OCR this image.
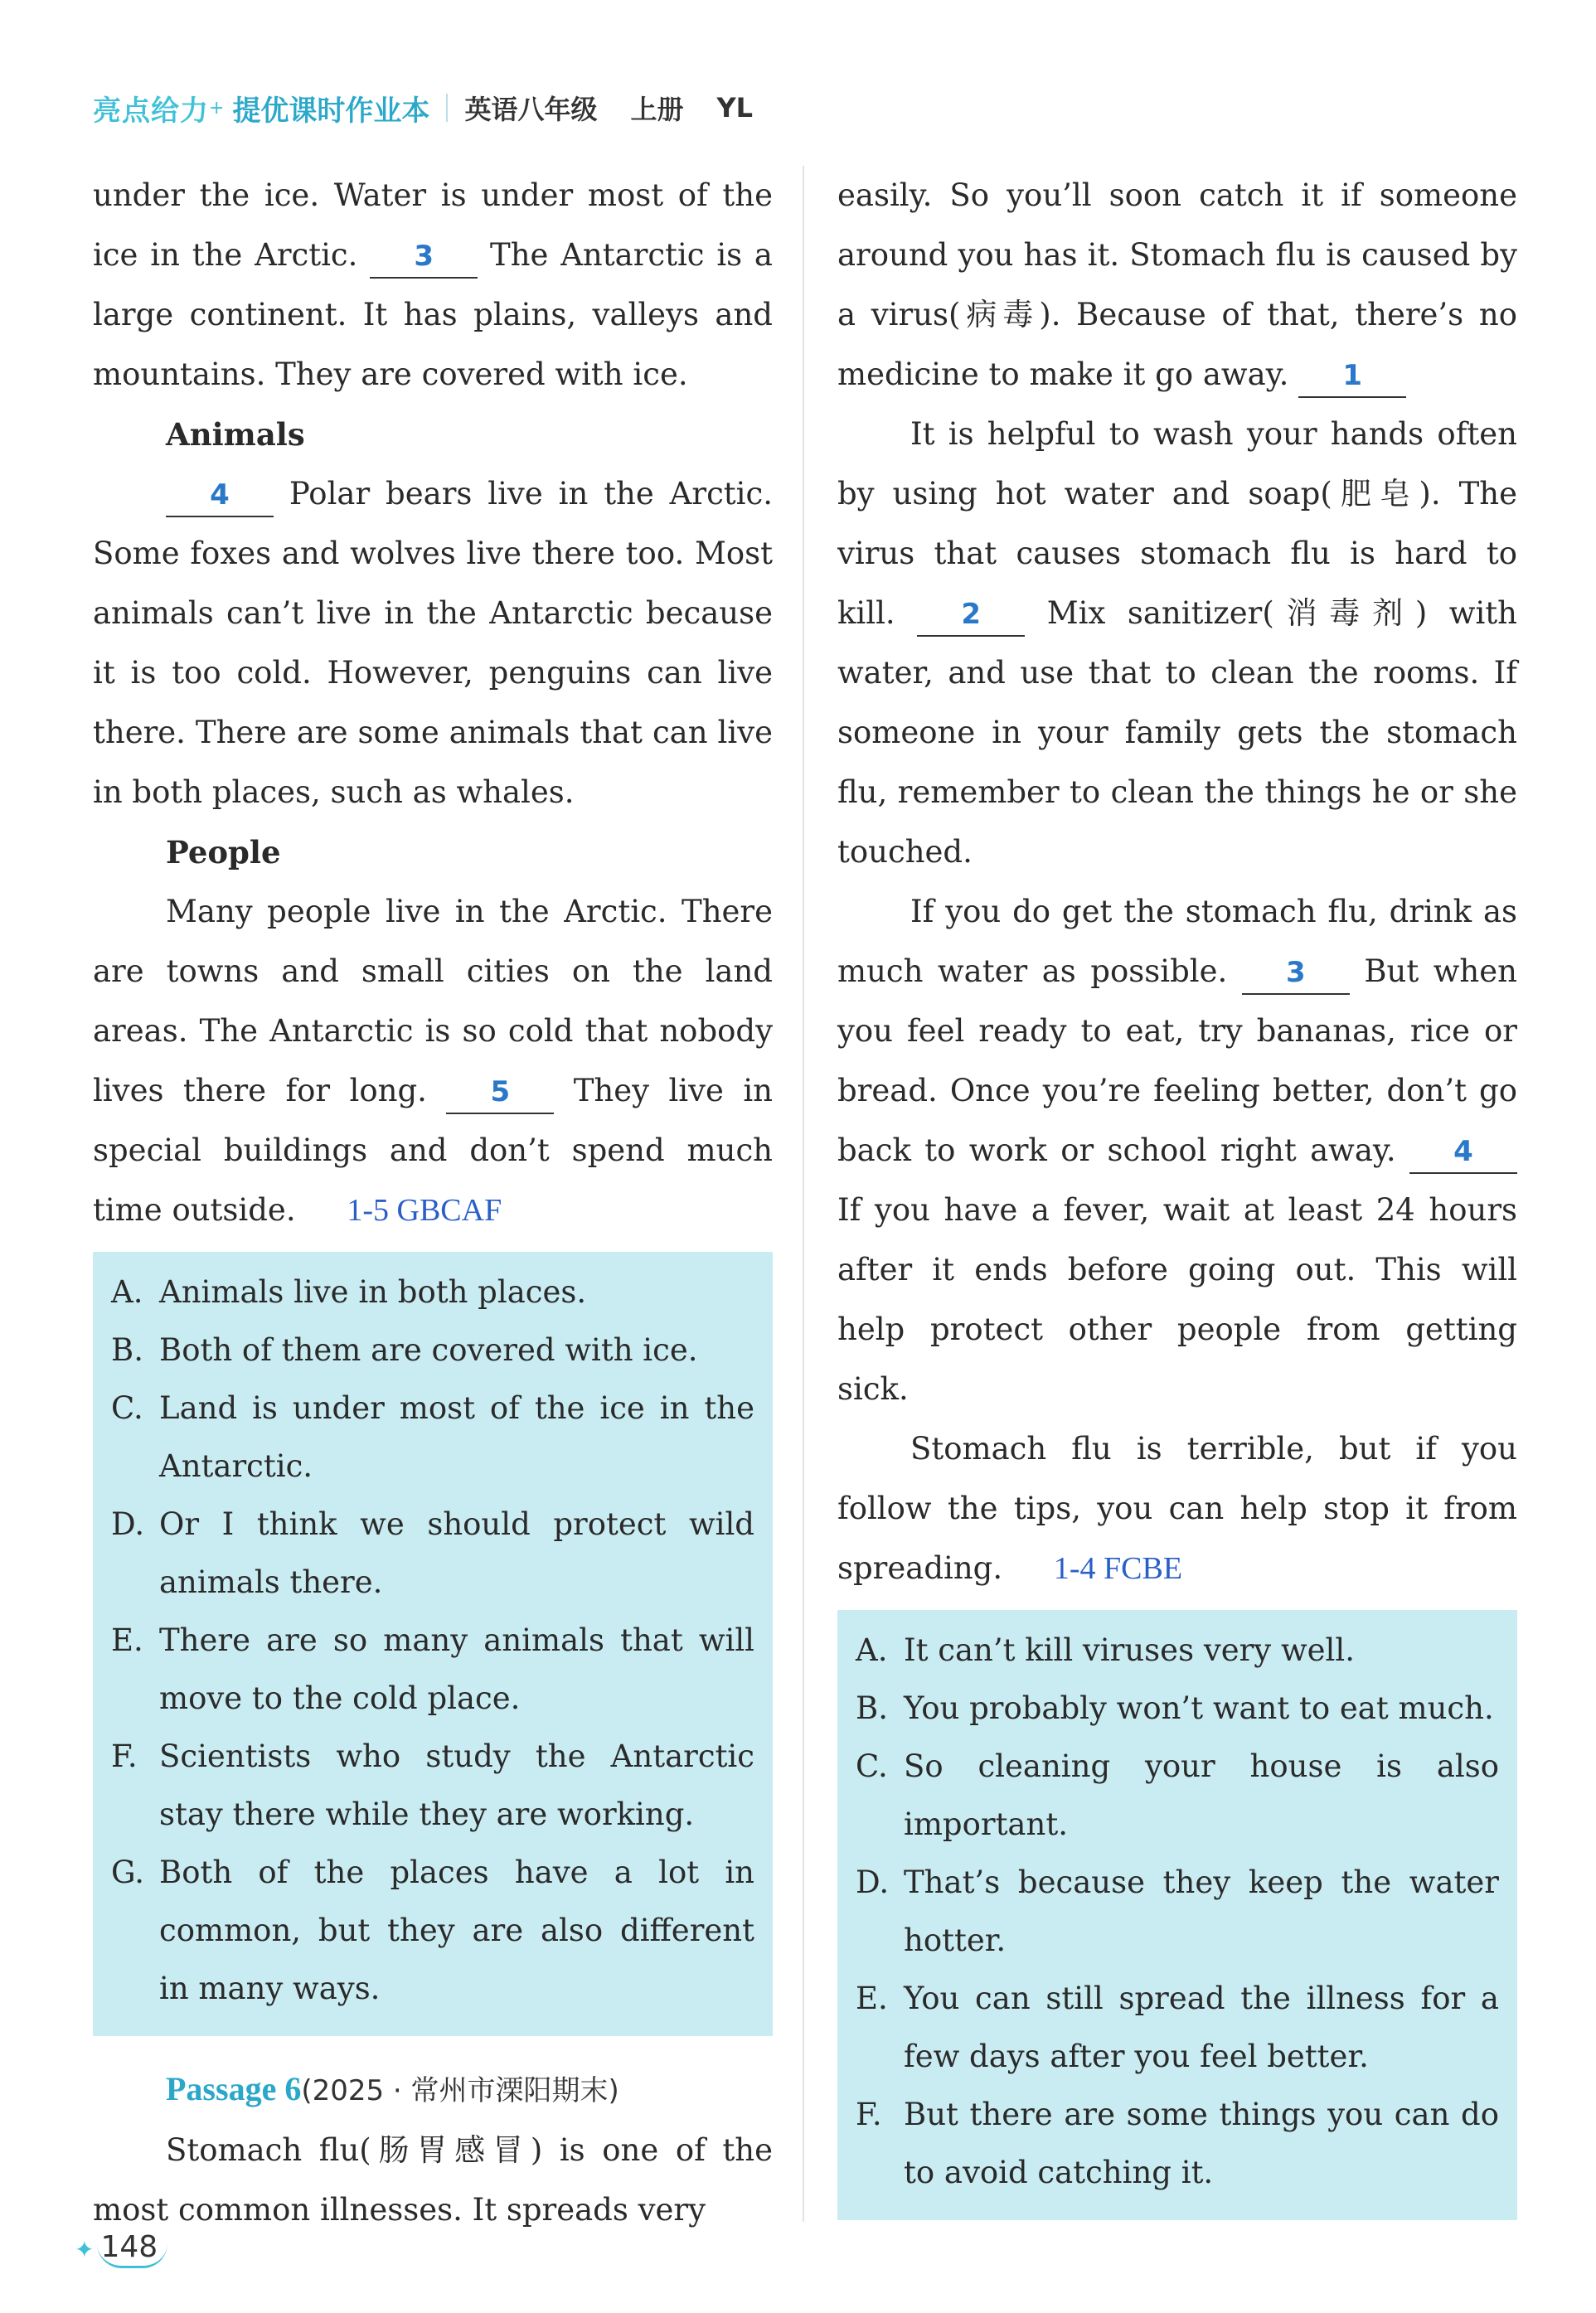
亮点给力 + 提优课时作业本 英语八年级 上册 YL

under the ice. Water is under most of the ice in the Arctic. 3 The Antarctic is a large continent. It has plains, valleys and mountains. They are covered with ice.

Animals

4 Polar bears live in the Arctic. Some foxes and wolves live there too. Most animals can’t live in the Antarctic because it is too cold. However, penguins can live there. There are some animals that can live in both places, such as whales.

People

Many people live in the Arctic. There are towns and small cities on the land areas. The Antarctic is so cold that nobody lives there for long. 5 They live in special buildings and don’t spend much time outside. 1-5 GBCAF

A. Animals live in both places.
B. Both of them are covered with ice.
C. Land is under most of the ice in the Antarctic.
D. Or I think we should protect wild animals there.
E. There are so many animals that will move to the cold place.
F. Scientists who study the Antarctic stay there while they are working.
G. Both of the places have a lot in common, but they are also different in many ways.

Passage 6(2025 · 常州市溧阳期末)

Stomach flu(肠胃感冒) is one of the most common illnesses. It spreads very

easily. So you’ll soon catch it if someone around you has it. Stomach flu is caused by a virus(病毒). Because of that, there’s no medicine to make it go away. 1

It is helpful to wash your hands often by using hot water and soap(肥皂). The virus that causes stomach flu is hard to kill. 2 Mix sanitizer(消毒剂) with water, and use that to clean the rooms. If someone in your family gets the stomach flu, remember to clean the things he or she touched.

If you do get the stomach flu, drink as much water as possible. 3 But when you feel ready to eat, try bananas, rice or bread. Once you’re feeling better, don’t go back to work or school right away. 4 If you have a fever, wait at least 24 hours after it ends before going out. This will help protect other people from getting sick.

Stomach flu is terrible, but if you follow the tips, you can help stop it from spreading. 1-4 FCBE

A. It can’t kill viruses very well.
B. You probably won’t want to eat much.
C. So cleaning your house is also important.
D. That’s because they keep the water hotter.
E. You can still spread the illness for a few days after you feel better.
F. But there are some things you can do to avoid catching it.
✦ 148
